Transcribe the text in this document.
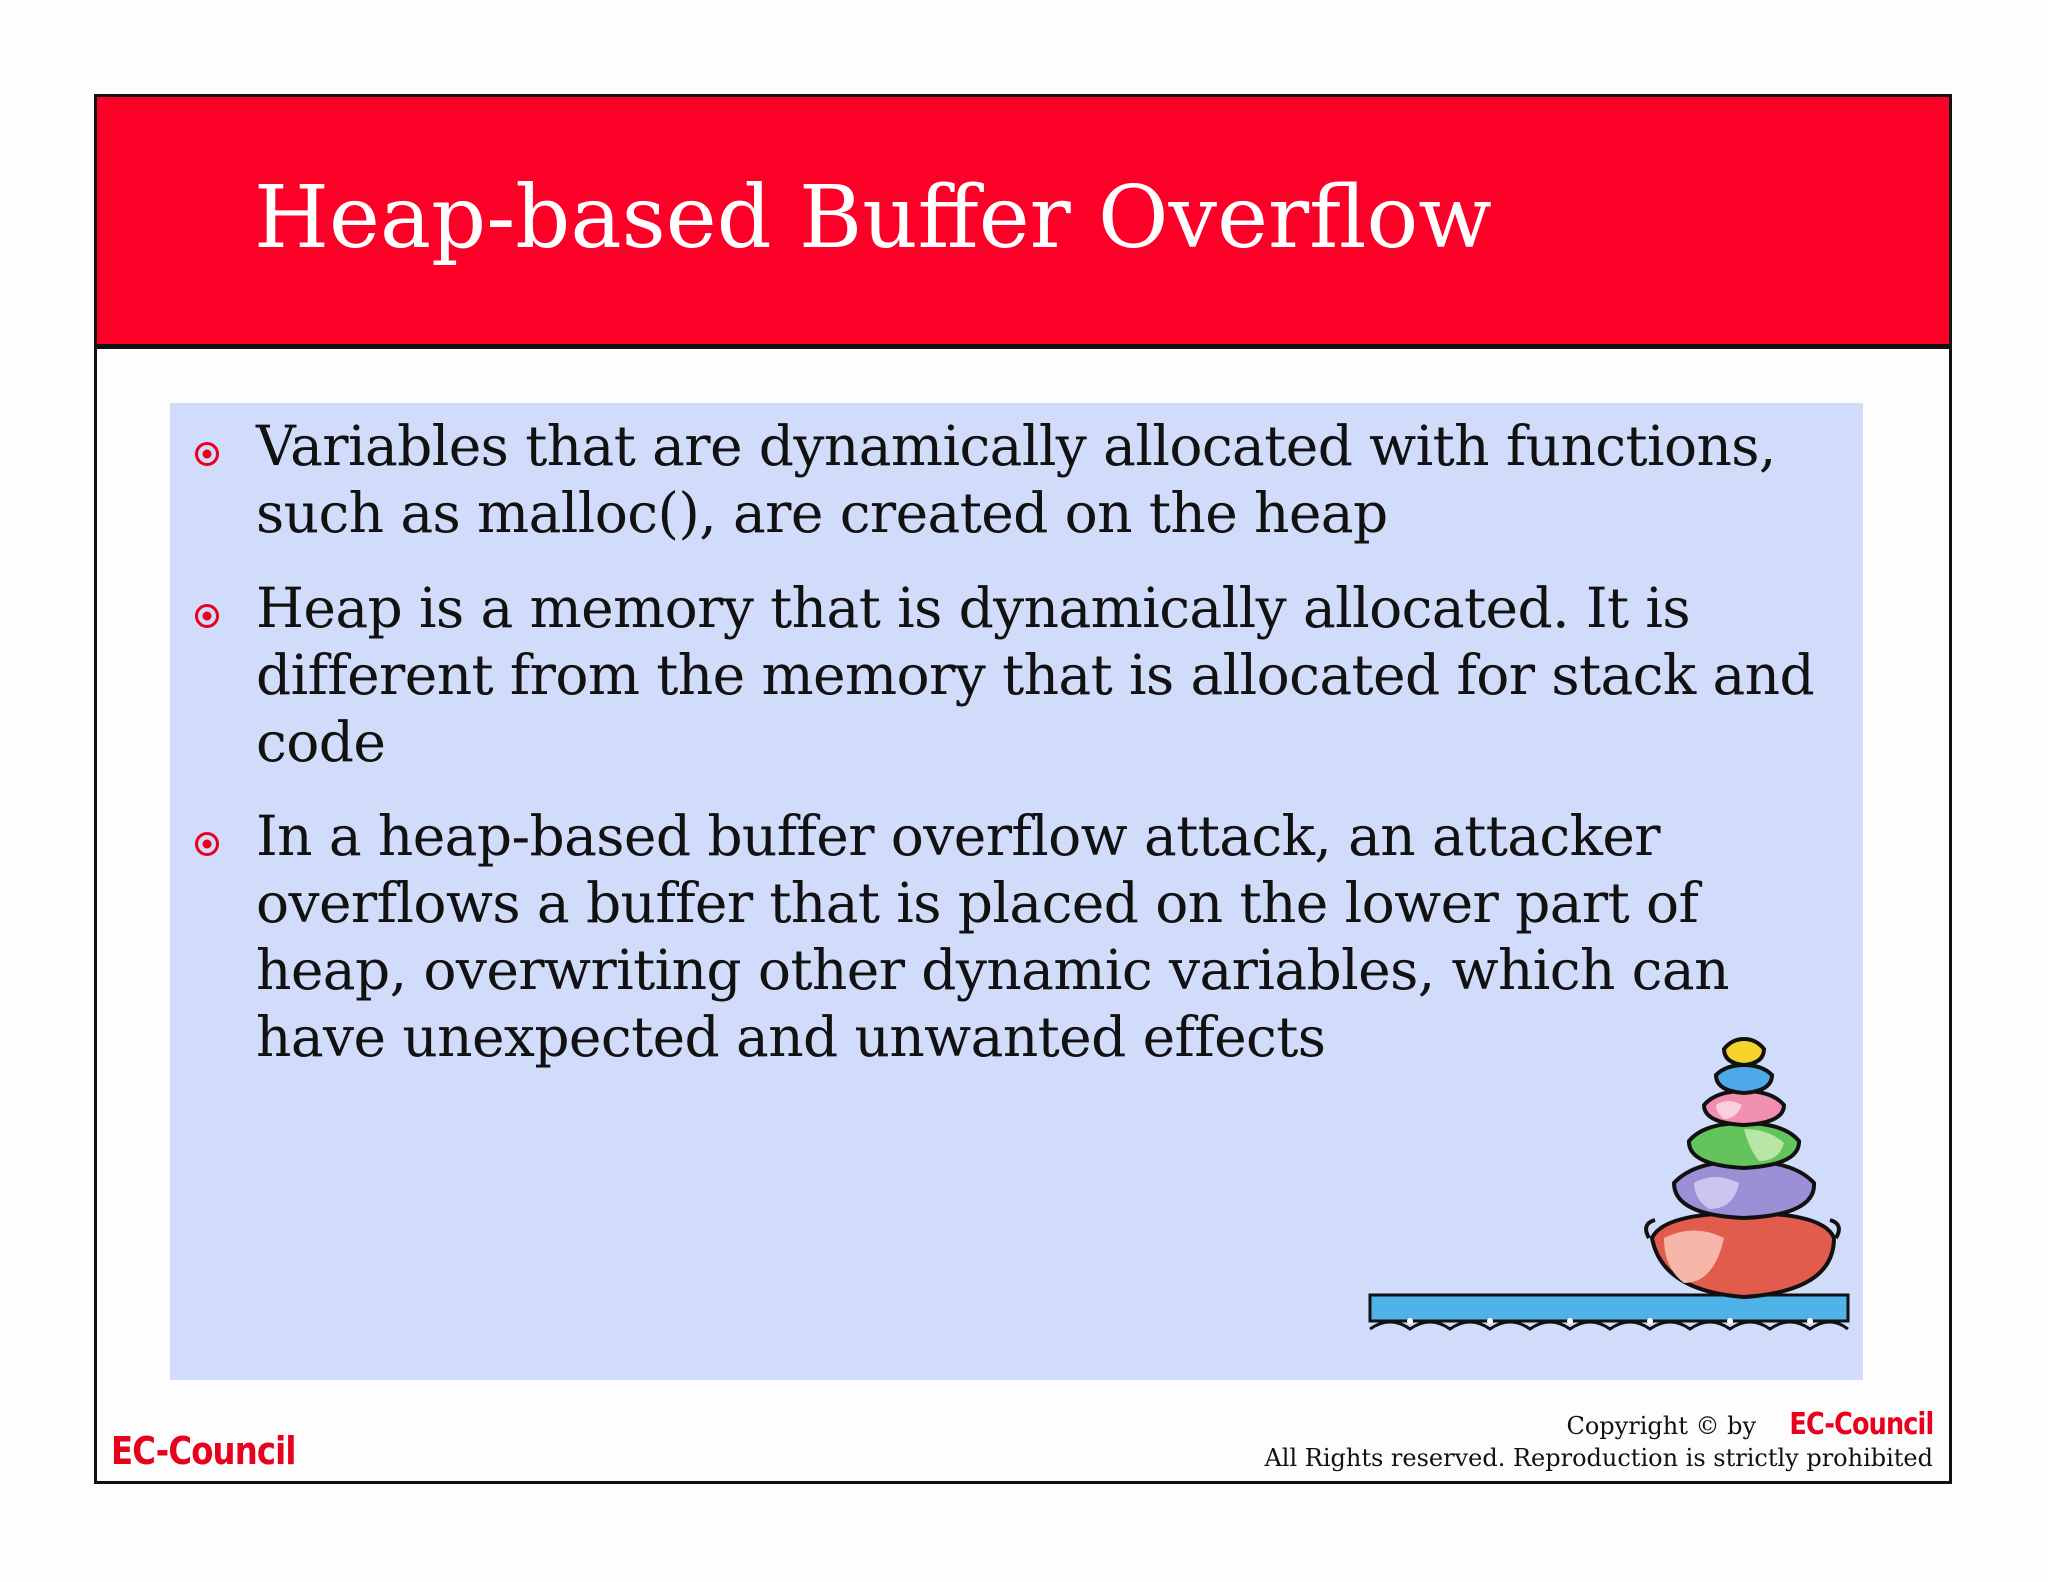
Heap-based Buffer Overflow
Variables that are dynamically allocated with functions, such as malloc(), are created on the heap
Heap is a memory that is dynamically allocated. It is different from the memory that is allocated for stack and code
In a heap-based buffer overflow attack, an attacker overflows a buffer that is placed on the lower part of heap, overwriting other dynamic variables, which can have unexpected and unwanted effects
EC-Council
Copyright © by EC-Council
All Rights reserved. Reproduction is strictly prohibited
